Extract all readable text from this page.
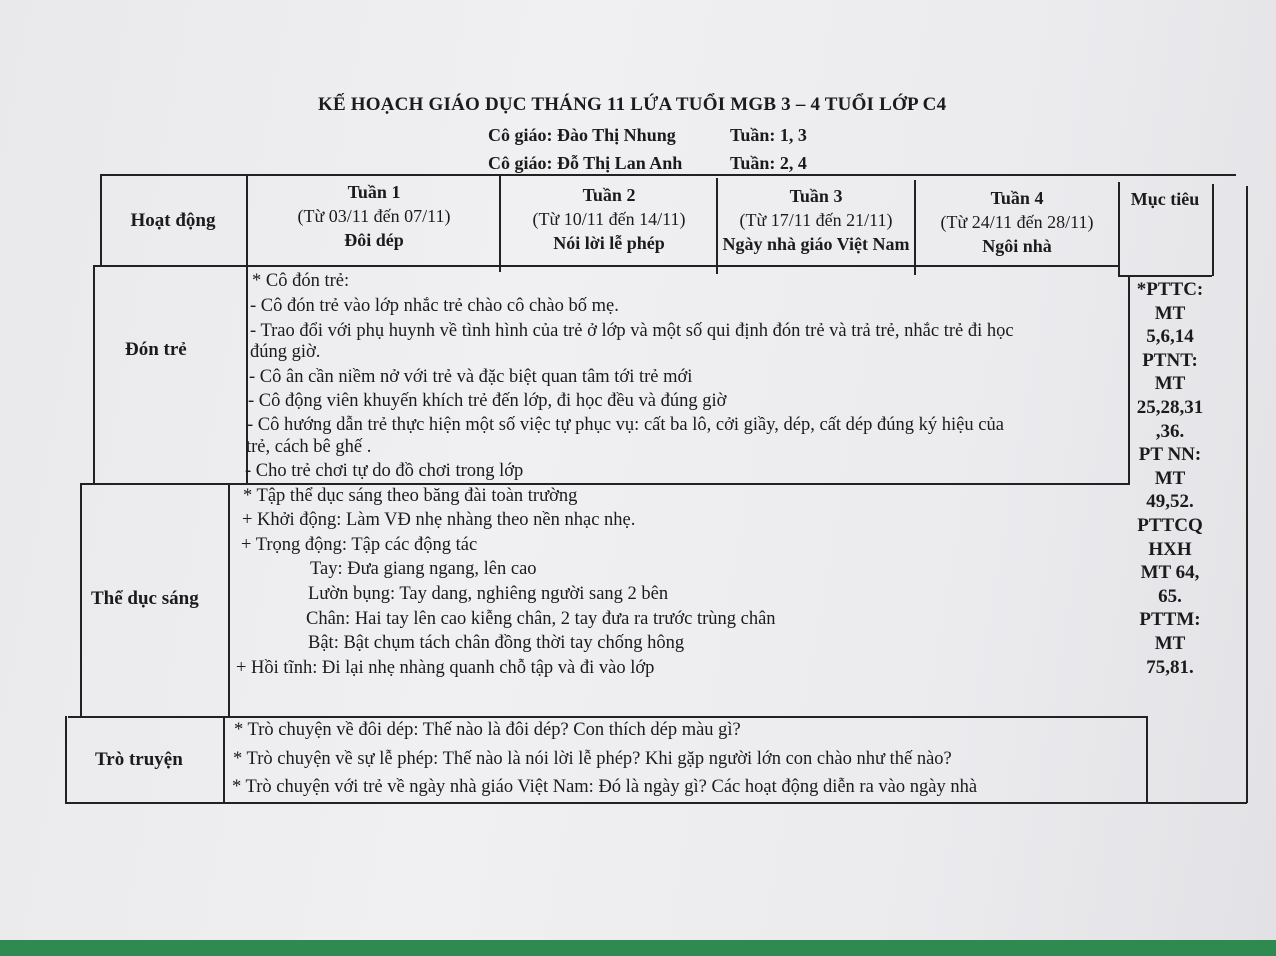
KẾ HOẠCH GIÁO DỤC THÁNG 11 LỨA TUỔI MGB 3 – 4 TUỔI LỚP C4
Cô giáo: Đào Thị Nhung	Tuần: 1, 3
Cô giáo: Đỗ Thị Lan Anh	Tuần: 2, 4
Hoạt động
Tuần 1
(Từ 03/11 đến 07/11)
Đôi dép
Tuần 2
(Từ 10/11 đến 14/11)
Nói lời lễ phép
Tuần 3
(Từ 17/11 đến 21/11)
Ngày nhà giáo Việt Nam
Tuần 4
(Từ 24/11 đến 28/11)
Ngôi nhà
Mục tiêu
Đón trẻ
Thể dục sáng
Trò truyện
* Cô đón trẻ:
- Cô đón trẻ vào lớp nhắc trẻ chào cô chào bố mẹ.
- Trao đổi với phụ huynh về tình hình của trẻ ở lớp và một số qui định đón trẻ và trả trẻ, nhắc trẻ đi học
đúng giờ.
- Cô ân cần niềm nở với trẻ và đặc biệt quan tâm tới trẻ mới
- Cô động viên khuyến khích trẻ đến lớp, đi học đều và đúng giờ
- Cô hướng dẫn trẻ thực hiện một số việc tự phục vụ: cất ba lô, cởi giầy, dép, cất dép đúng ký hiệu của
trẻ, cách bê ghế .
- Cho trẻ chơi tự do đồ chơi trong lớp
* Tập thể dục sáng theo băng đài toàn trường
+ Khởi động: Làm VĐ nhẹ nhàng theo nền nhạc nhẹ.
+ Trọng động: Tập các động tác
Tay: Đưa giang ngang, lên cao
Lườn bụng: Tay dang, nghiêng người sang 2 bên
Chân: Hai tay lên cao kiễng chân, 2 tay đưa ra trước trùng chân
Bật: Bật chụm tách chân đồng thời tay chống hông
+ Hồi tĩnh: Đi lại nhẹ nhàng quanh chỗ tập và đi vào lớp
* Trò chuyện về đôi dép: Thế nào là đôi dép? Con thích dép màu gì?
* Trò chuyện về sự lễ phép: Thế nào là nói lời lễ phép? Khi gặp người lớn con chào như thế nào?
* Trò chuyện với trẻ về ngày nhà giáo Việt Nam: Đó là ngày gì? Các hoạt động diễn ra vào ngày nhà
*PTTC:
MT
5,6,14
PTNT:
MT
25,28,31
,36.
PT NN:
MT
49,52.
PTTCQ
HXH
MT 64,
65.
PTTM:
MT
75,81.
